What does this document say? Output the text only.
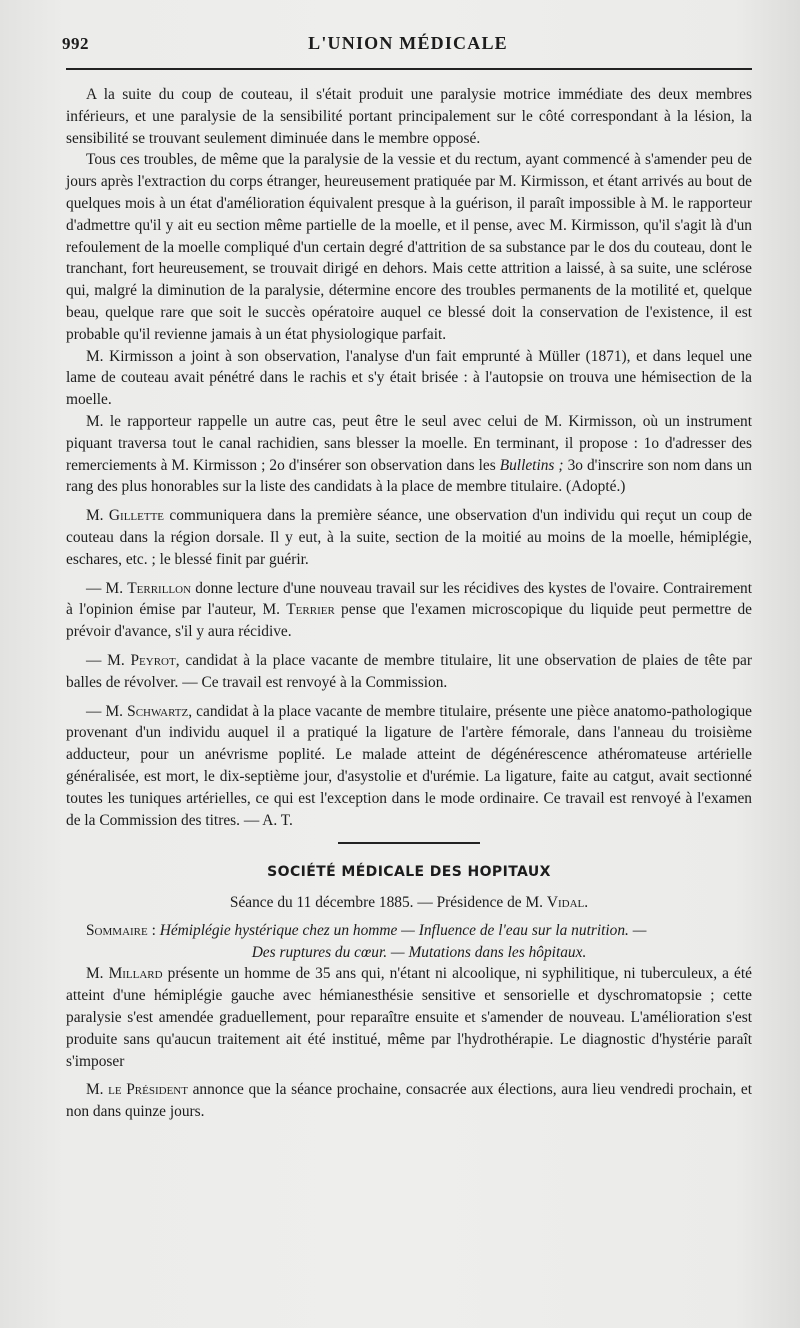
992	L'UNION MÉDICALE

A la suite du coup de couteau, il s'était produit une paralysie motrice immédiate des deux membres inférieurs, et une paralysie de la sensibilité portant principalement sur le côté correspondant à la lésion, la sensibilité se trouvant seulement diminuée dans le membre opposé.

Tous ces troubles, de même que la paralysie de la vessie et du rectum, ayant commencé à s'amender peu de jours après l'extraction du corps étranger, heureusement pratiquée par M. Kirmisson, et étant arrivés au bout de quelques mois à un état d'amélioration équivalent presque à la guérison, il paraît impossible à M. le rapporteur d'admettre qu'il y ait eu section même partielle de la moelle, et il pense, avec M. Kirmisson, qu'il s'agit là d'un refoulement de la moelle compliqué d'un certain degré d'attrition de sa substance par le dos du couteau, dont le tranchant, fort heureusement, se trouvait dirigé en dehors. Mais cette attrition a laissé, à sa suite, une sclérose qui, malgré la diminution de la paralysie, détermine encore des troubles permanents de la motilité et, quelque beau, quelque rare que soit le succès opératoire auquel ce blessé doit la conservation de l'existence, il est probable qu'il revienne jamais à un état physiologique parfait.

M. Kirmisson a joint à son observation, l'analyse d'un fait emprunté à Müller (1871), et dans lequel une lame de couteau avait pénétré dans le rachis et s'y était brisée : à l'autopsie on trouva une hémisection de la moelle.

M. le rapporteur rappelle un autre cas, peut être le seul avec celui de M. Kirmisson, où un instrument piquant traversa tout le canal rachidien, sans blesser la moelle. En terminant, il propose : 1o d'adresser des remerciements à M. Kirmisson ; 2o d'insérer son observation dans les Bulletins ; 3o d'inscrire son nom dans un rang des plus honorables sur la liste des candidats à la place de membre titulaire. (Adopté.)

M. Gillette communiquera dans la première séance, une observation d'un individu qui reçut un coup de couteau dans la région dorsale. Il y eut, à la suite, section de la moitié au moins de la moelle, hémiplégie, eschares, etc. ; le blessé finit par guérir.

— M. Terrillon donne lecture d'une nouveau travail sur les récidives des kystes de l'ovaire. Contrairement à l'opinion émise par l'auteur, M. Terrier pense que l'examen microscopique du liquide peut permettre de prévoir d'avance, s'il y aura récidive.

— M. Peyrot, candidat à la place vacante de membre titulaire, lit une observation de plaies de tête par balles de révolver. — Ce travail est renvoyé à la Commission.

— M. Schwartz, candidat à la place vacante de membre titulaire, présente une pièce anatomo-pathologique provenant d'un individu auquel il a pratiqué la ligature de l'artère fémorale, dans l'anneau du troisième adducteur, pour un anévrisme poplité. Le malade atteint de dégénérescence athéromateuse artérielle généralisée, est mort, le dix-septième jour, d'asystolie et d'urémie. La ligature, faite au catgut, avait sectionné toutes les tuniques artérielles, ce qui est l'exception dans le mode ordinaire. Ce travail est renvoyé à l'examen de la Commission des titres. — A. T.

SOCIÉTÉ MÉDICALE DES HOPITAUX
Séance du 11 décembre 1885. — Présidence de M. Vidal.

Sommaire : Hémiplégie hystérique chez un homme — Influence de l'eau sur la nutrition. —
Des ruptures du cœur. — Mutations dans les hôpitaux.

M. Millard présente un homme de 35 ans qui, n'étant ni alcoolique, ni syphilitique, ni tuberculeux, a été atteint d'une hémiplégie gauche avec hémianesthésie sensitive et sensorielle et dyschromatopsie ; cette paralysie s'est amendée graduellement, pour reparaître ensuite et s'amender de nouveau. L'amélioration s'est produite sans qu'aucun traitement ait été institué, même par l'hydrothérapie. Le diagnostic d'hystérie paraît s'imposer

M. le Président annonce que la séance prochaine, consacrée aux élections, aura lieu vendredi prochain, et non dans quinze jours.
